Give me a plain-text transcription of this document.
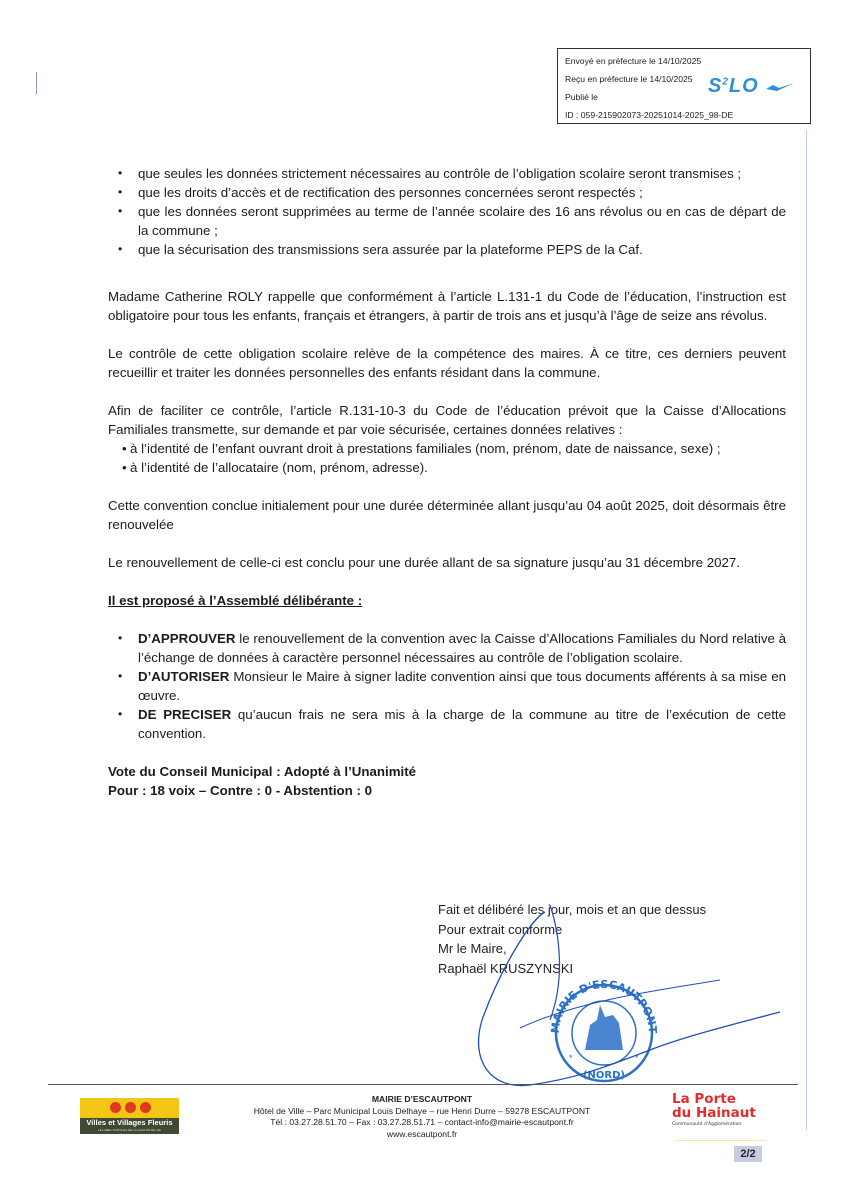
Envoyé en préfecture le 14/10/2025
Reçu en préfecture le 14/10/2025
Publié le
ID : 059-215902073-20251014-2025_98-DE
$S^2LO$
• que seules les données strictement nécessaires au contrôle de l’obligation scolaire seront transmises ;
• que les droits d’accès et de rectification des personnes concernées seront respectés ;
• que les données seront supprimées au terme de l’année scolaire des 16 ans révolus ou en cas de départ de la commune ;
• que la sécurisation des transmissions sera assurée par la plateforme PEPS de la Caf.

Madame Catherine ROLY rappelle que conformément à l’article L.131-1 du Code de l’éducation, l’instruction est obligatoire pour tous les enfants, français et étrangers, à partir de trois ans et jusqu’à l’âge de seize ans révolus.

Le contrôle de cette obligation scolaire relève de la compétence des maires. À ce titre, ces derniers peuvent recueillir et traiter les données personnelles des enfants résidant dans la commune.

Afin de faciliter ce contrôle, l’article R.131-10-3 du Code de l’éducation prévoit que la Caisse d’Allocations Familiales transmette, sur demande et par voie sécurisée, certaines données relatives :

• à l’identité de l’enfant ouvrant droit à prestations familiales (nom, prénom, date de naissance, sexe) ;
• à l’identité de l’allocataire (nom, prénom, adresse).

Cette convention conclue initialement pour une durée déterminée allant jusqu’au 04 août 2025, doit désormais être renouvelée

Le renouvellement de celle-ci est conclu pour une durée allant de sa signature jusqu’au 31 décembre 2027.

Il est proposé à l’Assemblé délibérante :

• D’APPROUVER le renouvellement de la convention avec la Caisse d’Allocations Familiales du Nord relative à l’échange de données à caractère personnel nécessaires au contrôle de l’obligation scolaire.
• D’AUTORISER Monsieur le Maire à signer ladite convention ainsi que tous documents afférents à sa mise en œuvre.
• DE PRECISER qu’aucun frais ne sera mis à la charge de la commune au titre de l’exécution de cette convention.
Vote du Conseil Municipal : Adopté à l’Unanimité
Pour : 18 voix – Contre : 0 - Abstention : 0
Fait et délibéré les jour, mois et an que dessus
Pour extrait conforme
Mr le Maire,
Raphaël KRUSZYNSKI
MAIRIE D'ESCAUTPONT
(NORD)
*	*
Villes et Villages Fleuris
LE LABEL NATIONAL DE LA QUALITÉ DE VIE
MAIRIE D’ESCAUTPONT
Hôtel de Ville – Parc Municipal Louis Delhaye – rue Henri Durre – 59278 ESCAUTPONT
Tél : 03.27.28.51.70 – Fax : 03.27.28.51.71 – contact-info@mairie-escautpont.fr
www.escautpont.fr
La Porte
du Hainaut
Communauté d'Agglomération
2/2
